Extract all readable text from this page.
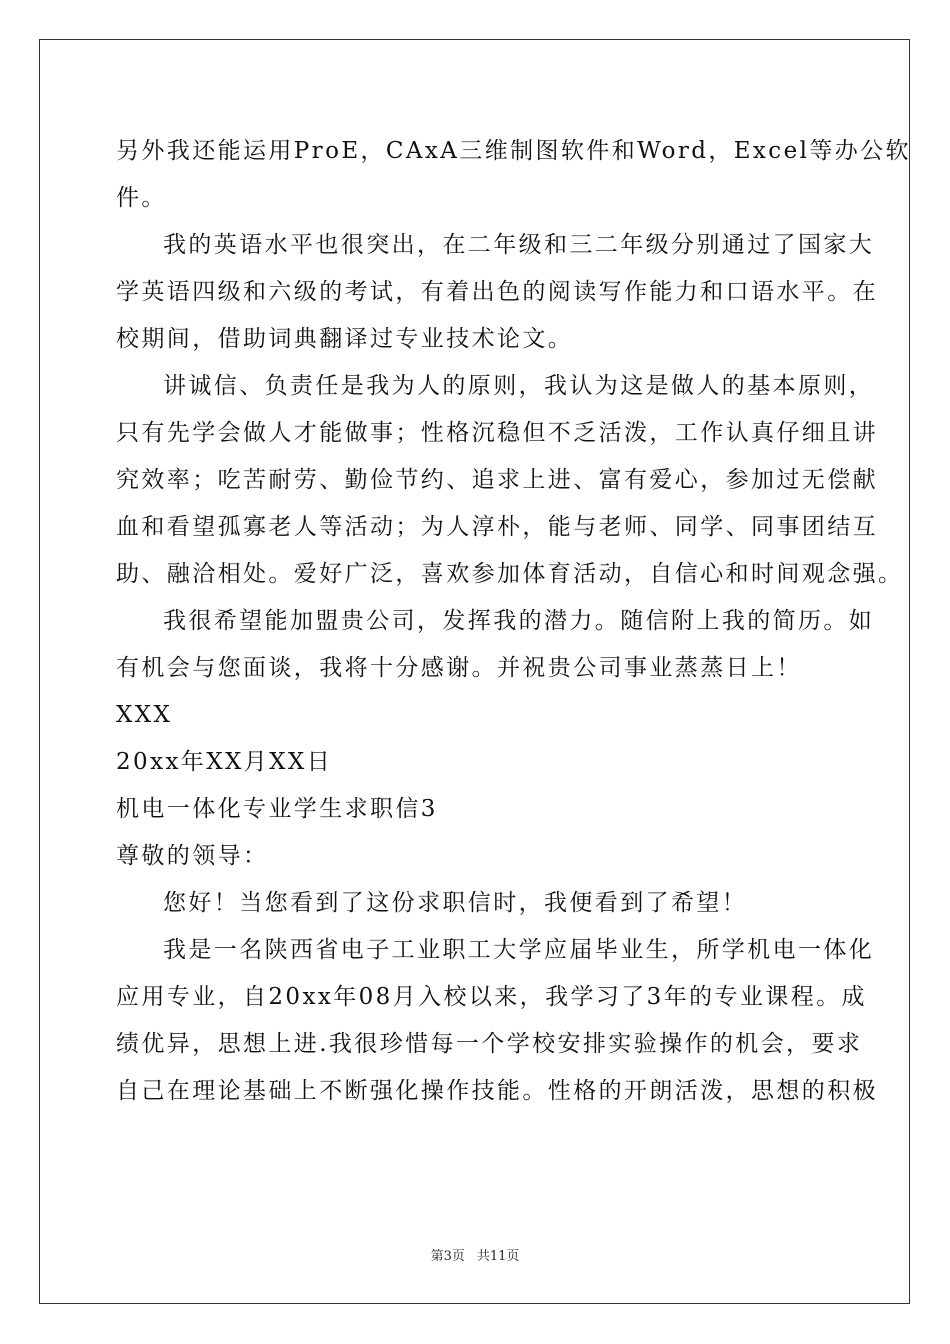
另外我还能运用ProE，CAxA三维制图软件和Word，Excel等办公软
件。
我的英语水平也很突出，在二年级和三二年级分别通过了国家大
学英语四级和六级的考试，有着出色的阅读写作能力和口语水平。在
校期间，借助词典翻译过专业技术论文。
讲诚信、负责任是我为人的原则，我认为这是做人的基本原则，
只有先学会做人才能做事；性格沉稳但不乏活泼，工作认真仔细且讲
究效率；吃苦耐劳、勤俭节约、追求上进、富有爱心，参加过无偿献
血和看望孤寡老人等活动；为人淳朴，能与老师、同学、同事团结互
助、融洽相处。爱好广泛，喜欢参加体育活动，自信心和时间观念强。
我很希望能加盟贵公司，发挥我的潜力。随信附上我的简历。如
有机会与您面谈，我将十分感谢。并祝贵公司事业蒸蒸日上！
XXX
20xx年XX月XX日
机电一体化专业学生求职信3
尊敬的领导：
您好！当您看到了这份求职信时，我便看到了希望！
我是一名陕西省电子工业职工大学应届毕业生，所学机电一体化
应用专业，自20xx年08月入校以来，我学习了3年的专业课程。成
绩优异，思想上进.我很珍惜每一个学校安排实验操作的机会，要求
自己在理论基础上不断强化操作技能。性格的开朗活泼，思想的积极
第3页 共11页
